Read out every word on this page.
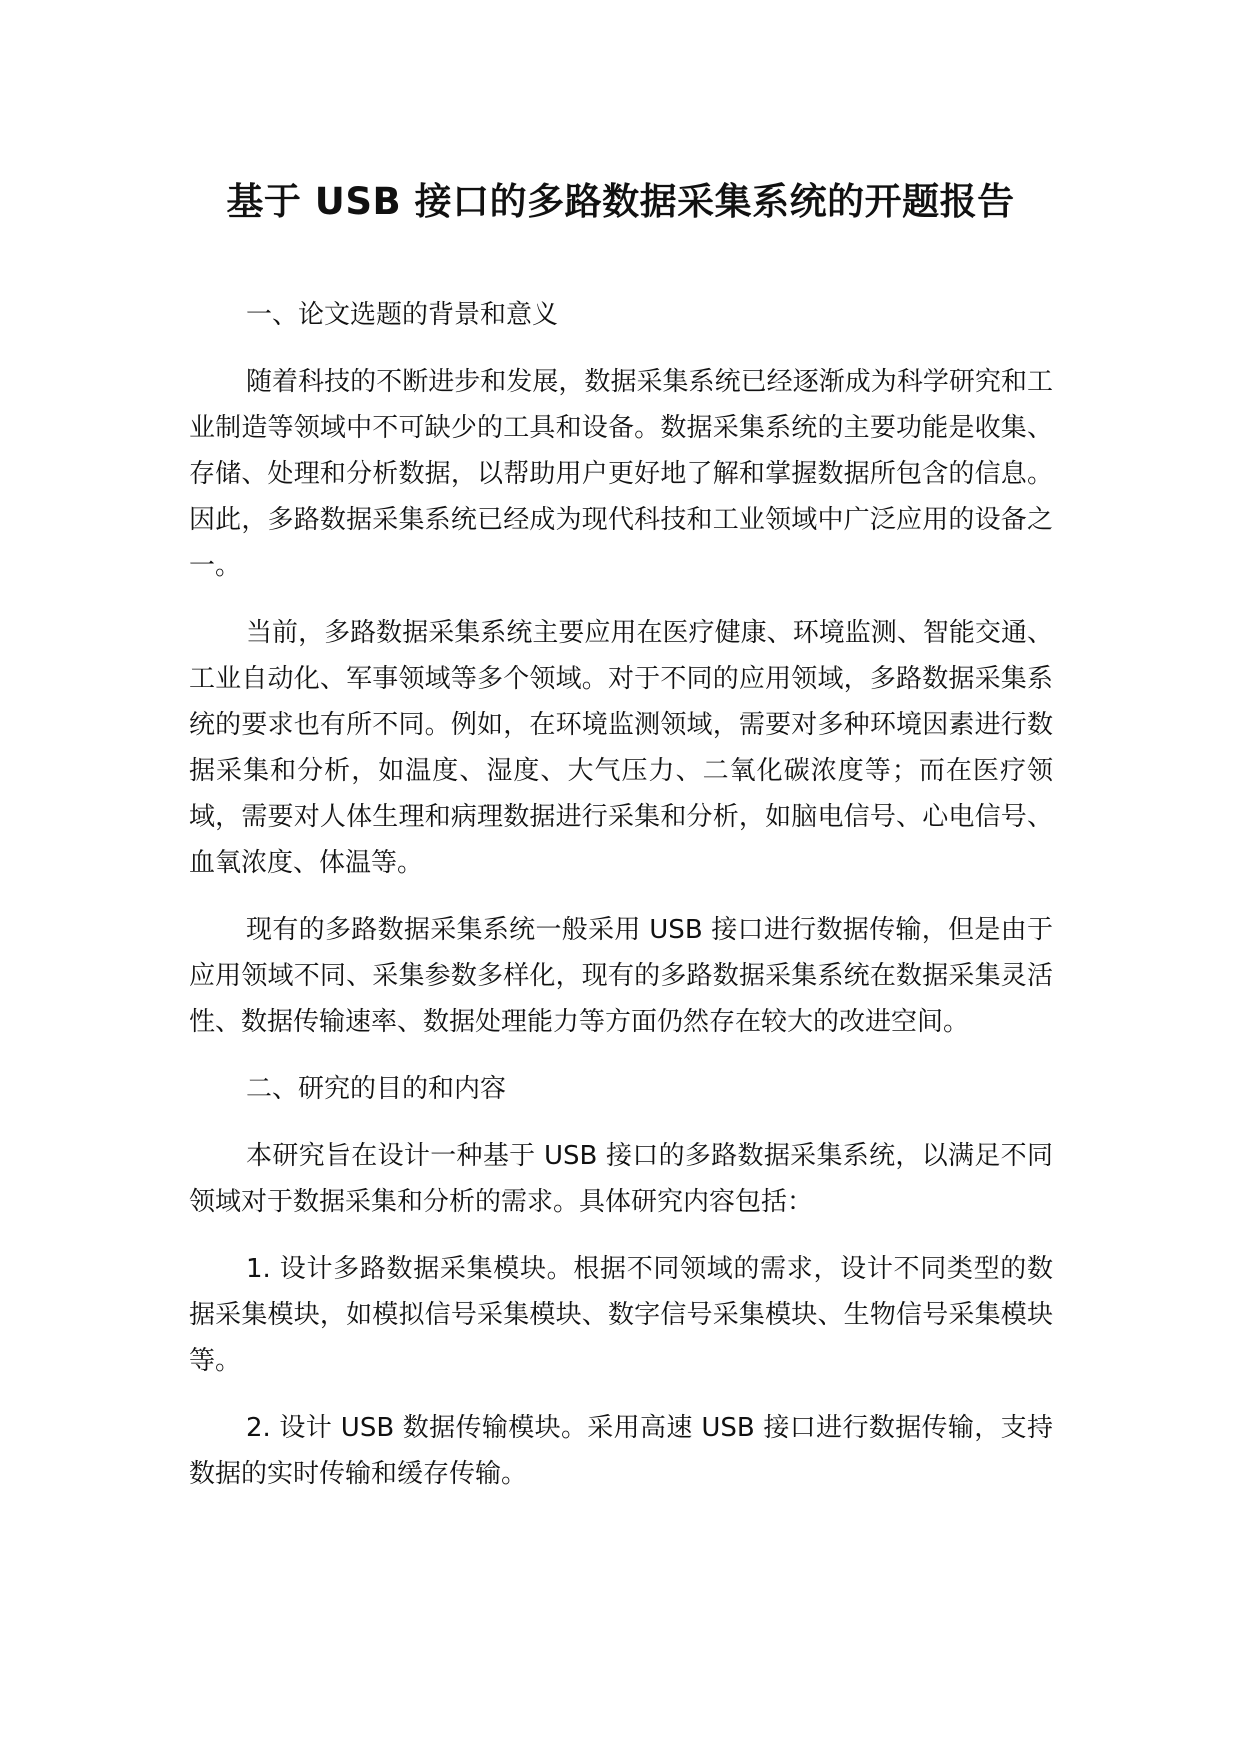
基于 USB 接口的多路数据采集系统的开题报告

一、论文选题的背景和意义

随着科技的不断进步和发展，数据采集系统已经逐渐成为科学研究和工业制造等领域中不可缺少的工具和设备。数据采集系统的主要功能是收集、存储、处理和分析数据，以帮助用户更好地了解和掌握数据所包含的信息。因此，多路数据采集系统已经成为现代科技和工业领域中广泛应用的设备之一。

当前，多路数据采集系统主要应用在医疗健康、环境监测、智能交通、工业自动化、军事领域等多个领域。对于不同的应用领域，多路数据采集系统的要求也有所不同。例如，在环境监测领域，需要对多种环境因素进行数据采集和分析，如温度、湿度、大气压力、二氧化碳浓度等；而在医疗领域，需要对人体生理和病理数据进行采集和分析，如脑电信号、心电信号、血氧浓度、体温等。

现有的多路数据采集系统一般采用 USB 接口进行数据传输，但是由于应用领域不同、采集参数多样化，现有的多路数据采集系统在数据采集灵活性、数据传输速率、数据处理能力等方面仍然存在较大的改进空间。

二、研究的目的和内容

本研究旨在设计一种基于 USB 接口的多路数据采集系统，以满足不同领域对于数据采集和分析的需求。具体研究内容包括：

1. 设计多路数据采集模块。根据不同领域的需求，设计不同类型的数据采集模块，如模拟信号采集模块、数字信号采集模块、生物信号采集模块等。

2. 设计 USB 数据传输模块。采用高速 USB 接口进行数据传输，支持数据的实时传输和缓存传输。
